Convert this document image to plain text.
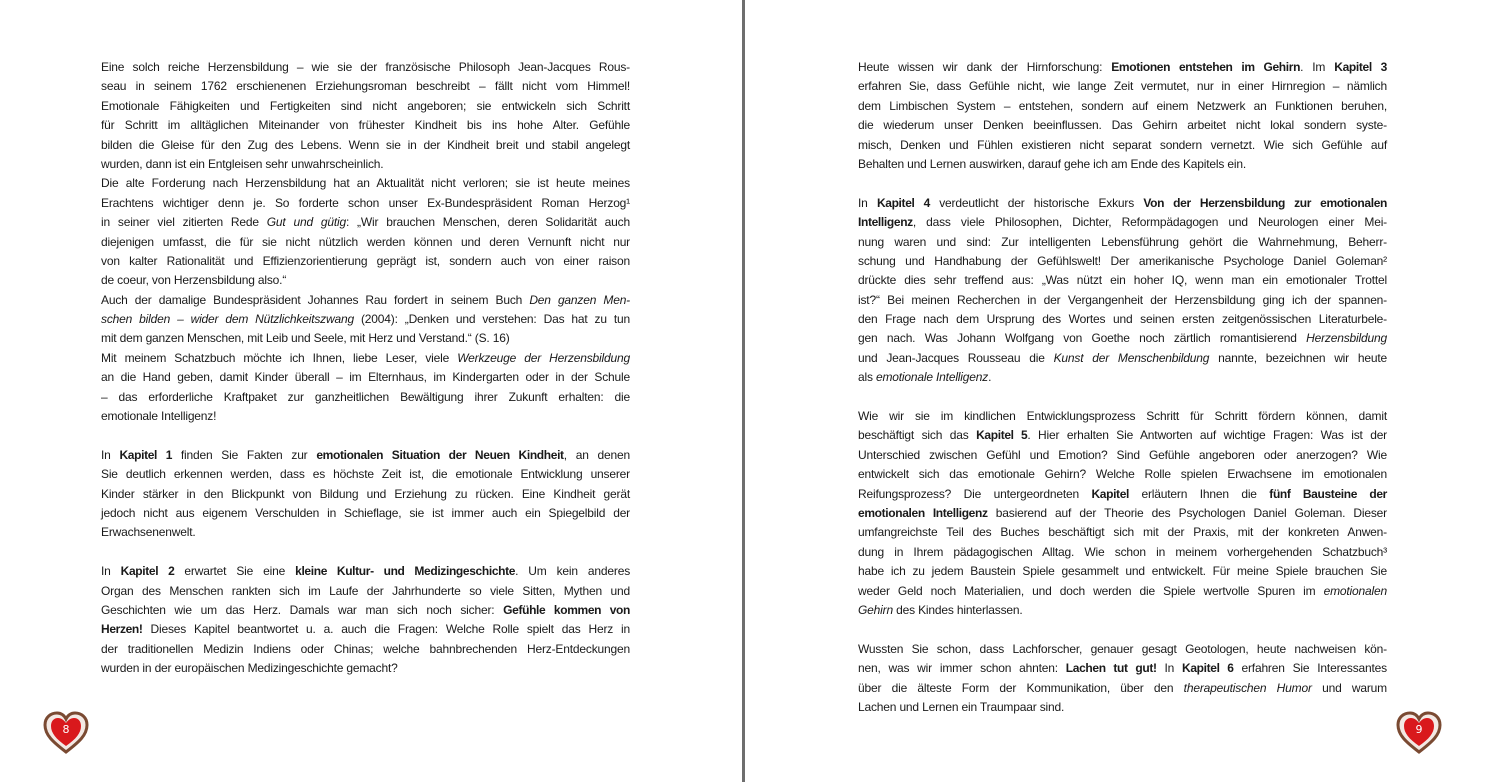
Eine solch reiche Herzensbildung – wie sie der französische Philosoph Jean-Jacques Rous-
seau in seinem 1762 erschienenen Erziehungsroman beschreibt – fällt nicht vom Himmel!
Emotionale Fähigkeiten und Fertigkeiten sind nicht angeboren; sie entwickeln sich Schritt
für Schritt im alltäglichen Miteinander von frühester Kindheit bis ins hohe Alter. Gefühle
bilden die Gleise für den Zug des Lebens. Wenn sie in der Kindheit breit und stabil angelegt
wurden, dann ist ein Entgleisen sehr unwahrscheinlich.
Die alte Forderung nach Herzensbildung hat an Aktualität nicht verloren; sie ist heute meines
Erachtens wichtiger denn je. So forderte schon unser Ex-Bundespräsident Roman Herzog¹
in seiner viel zitierten Rede Gut und gütig: „Wir brauchen Menschen, deren Solidarität auch
diejenigen umfasst, die für sie nicht nützlich werden können und deren Vernunft nicht nur
von kalter Rationalität und Effizienzorientierung geprägt ist, sondern auch von einer raison
de coeur, von Herzensbildung also.“
Auch der damalige Bundespräsident Johannes Rau fordert in seinem Buch Den ganzen Men-
schen bilden – wider dem Nützlichkeitszwang (2004): „Denken und verstehen: Das hat zu tun
mit dem ganzen Menschen, mit Leib und Seele, mit Herz und Verstand.“ (S. 16)
Mit meinem Schatzbuch möchte ich Ihnen, liebe Leser, viele Werkzeuge der Herzensbildung
an die Hand geben, damit Kinder überall – im Elternhaus, im Kindergarten oder in der Schule
– das erforderliche Kraftpaket zur ganzheitlichen Bewältigung ihrer Zukunft erhalten: die
emotionale Intelligenz!
In Kapitel 1 finden Sie Fakten zur emotionalen Situation der Neuen Kindheit, an denen
Sie deutlich erkennen werden, dass es höchste Zeit ist, die emotionale Entwicklung unserer
Kinder stärker in den Blickpunkt von Bildung und Erziehung zu rücken. Eine Kindheit gerät
jedoch nicht aus eigenem Verschulden in Schieflage, sie ist immer auch ein Spiegelbild der
Erwachsenenwelt.
In Kapitel 2 erwartet Sie eine kleine Kultur- und Medizingeschichte. Um kein anderes
Organ des Menschen rankten sich im Laufe der Jahrhunderte so viele Sitten, Mythen und
Geschichten wie um das Herz. Damals war man sich noch sicher: Gefühle kommen von
Herzen! Dieses Kapitel beantwortet u. a. auch die Fragen: Welche Rolle spielt das Herz in
der traditionellen Medizin Indiens oder Chinas; welche bahnbrechenden Herz-Entdeckungen
wurden in der europäischen Medizingeschichte gemacht?
8
Heute wissen wir dank der Hirnforschung: Emotionen entstehen im Gehirn. Im Kapitel 3
erfahren Sie, dass Gefühle nicht, wie lange Zeit vermutet, nur in einer Hirnregion – nämlich
dem Limbischen System – entstehen, sondern auf einem Netzwerk an Funktionen beruhen,
die wiederum unser Denken beeinflussen. Das Gehirn arbeitet nicht lokal sondern syste-
misch, Denken und Fühlen existieren nicht separat sondern vernetzt. Wie sich Gefühle auf
Behalten und Lernen auswirken, darauf gehe ich am Ende des Kapitels ein.
In Kapitel 4 verdeutlicht der historische Exkurs Von der Herzensbildung zur emotionalen
Intelligenz, dass viele Philosophen, Dichter, Reformpädagogen und Neurologen einer Mei-
nung waren und sind: Zur intelligenten Lebensführung gehört die Wahrnehmung, Beherr-
schung und Handhabung der Gefühlswelt! Der amerikanische Psychologe Daniel Goleman²
drückte dies sehr treffend aus: „Was nützt ein hoher IQ, wenn man ein emotionaler Trottel
ist?“ Bei meinen Recherchen in der Vergangenheit der Herzensbildung ging ich der spannen-
den Frage nach dem Ursprung des Wortes und seinen ersten zeitgenössischen Literaturbele-
gen nach. Was Johann Wolfgang von Goethe noch zärtlich romantisierend Herzensbildung
und Jean-Jacques Rousseau die Kunst der Menschenbildung nannte, bezeichnen wir heute
als emotionale Intelligenz.
Wie wir sie im kindlichen Entwicklungsprozess Schritt für Schritt fördern können, damit
beschäftigt sich das Kapitel 5. Hier erhalten Sie Antworten auf wichtige Fragen: Was ist der
Unterschied zwischen Gefühl und Emotion? Sind Gefühle angeboren oder anerzogen? Wie
entwickelt sich das emotionale Gehirn? Welche Rolle spielen Erwachsene im emotionalen
Reifungsprozess? Die untergeordneten Kapitel erläutern Ihnen die fünf Bausteine der
emotionalen Intelligenz basierend auf der Theorie des Psychologen Daniel Goleman. Dieser
umfangreichste Teil des Buches beschäftigt sich mit der Praxis, mit der konkreten Anwen-
dung in Ihrem pädagogischen Alltag. Wie schon in meinem vorhergehenden Schatzbuch³
habe ich zu jedem Baustein Spiele gesammelt und entwickelt. Für meine Spiele brauchen Sie
weder Geld noch Materialien, und doch werden die Spiele wertvolle Spuren im emotionalen
Gehirn des Kindes hinterlassen.
Wussten Sie schon, dass Lachforscher, genauer gesagt Geotologen, heute nachweisen kön-
nen, was wir immer schon ahnten: Lachen tut gut! In Kapitel 6 erfahren Sie Interessantes
über die älteste Form der Kommunikation, über den therapeutischen Humor und warum
Lachen und Lernen ein Traumpaar sind.
9
